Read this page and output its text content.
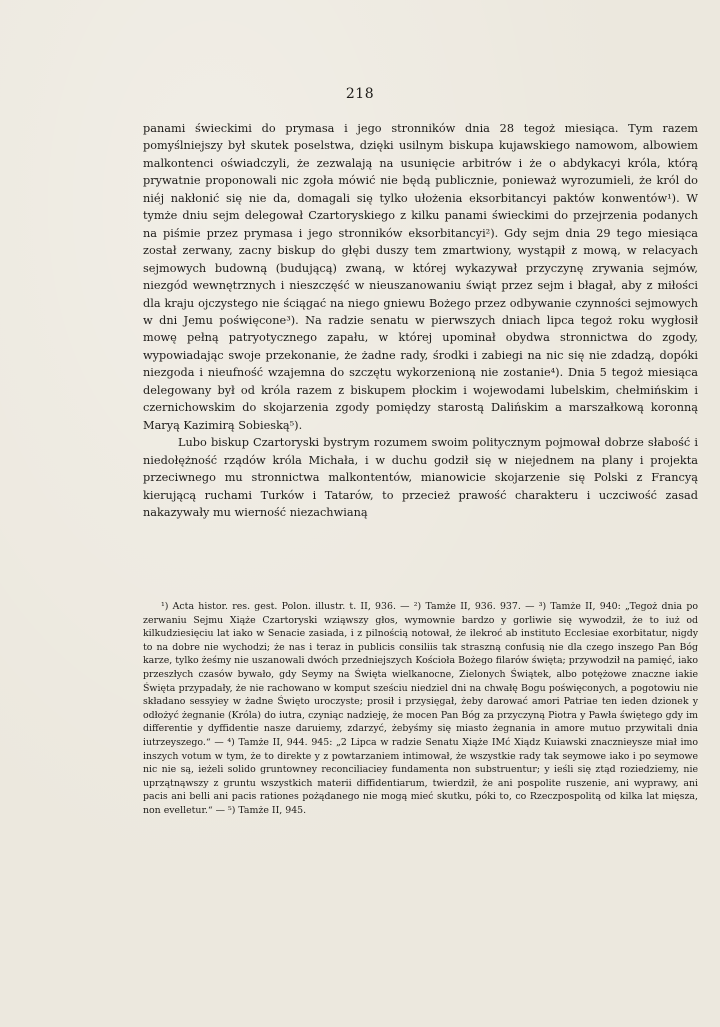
218

panami świeckimi do prymasa i jego stronników dnia 28 tegoż miesiąca. Tym razem pomyślniejszy był skutek poselstwa, dzięki usilnym biskupa kujawskiego namowom, albowiem malkontenci oświadczyli, że zezwalają na usunięcie arbitrów i że o abdykacyi króla, którą prywatnie proponowali nic zgoła mówić nie będą publicznie, ponieważ wyrozumieli, że król do niéj nakłonić się nie da, domagali się tylko ułożenia eksorbitancyi paktów konwentów¹). W tymże dniu sejm delegował Czartoryskiego z kilku panami świeckimi do przejrzenia podanych na piśmie przez prymasa i jego stronników eksorbitancyi²). Gdy sejm dnia 29 tego miesiąca został zerwany, zacny biskup do głębi duszy tem zmartwiony, wystąpił z mową, w relacyach sejmowych budowną (budującą) zwaną, w której wykazywał przyczynę zrywania sejmów, niezgód wewnętrznych i nieszczęść w nieuszanowaniu świąt przez sejm i błagał, aby z miłości dla kraju ojczystego nie ściągać na niego gniewu Bożego przez odbywanie czynności sejmowych w dni Jemu poświęcone³). Na radzie senatu w pierwszych dniach lipca tegoż roku wygłosił mowę pełną patryotycznego zapału, w której upominał obydwa stronnictwa do zgody, wypowiadając swoje przekonanie, że żadne rady, środki i zabiegi na nic się nie zdadzą, dopóki niezgoda i nieufność wzajemna do szczętu wykorzenioną nie zostanie⁴). Dnia 5 tegoż miesiąca delegowany był od króla razem z biskupem płockim i wojewodami lubelskim, chełmińskim i czernichowskim do skojarzenia zgody pomiędzy starostą Dalińskim a marszałkową koronną Maryą Kazimirą Sobieską⁵).

Lubo biskup Czartoryski bystrym rozumem swoim politycznym pojmował dobrze słabość i niedołężność rządów króla Michała, i w duchu godził się w niejednem na plany i projekta przeciwnego mu stronnictwa malkontentów, mianowicie skojarzenie się Polski z Francyą kierującą ruchami Turków i Tatarów, to przecież prawość charakteru i uczciwość zasad nakazywały mu wierność niezachwianą

¹) Acta histor. res. gest. Polon. illustr. t. II, 936. — ²) Tamże II, 936. 937. — ³) Tamże II, 940: „Tegoż dnia po zerwaniu Sejmu Xiąże Czartoryski wziąwszy głos, wymownie bardzo y gorliwie się wywodził, że to iuż od kilkudziesięciu lat iako w Senacie zasiada, i z pilnością notował, że ilekroć ab instituto Ecclesiae exorbitatur, nigdy to na dobre nie wychodzi; że nas i teraz in publicis consiliis tak straszną confusią nie dla czego inszego Pan Bóg karze, tylko żeśmy nie uszanowali dwóch przedniejszych Kościoła Bożego filarów święta; przywodził na pamięć, iako przeszłych czasów bywało, gdy Seymy na Święta wielkanocne, Zielonych Świątek, albo potężowe znaczne iakie Święta przypadały, że nie rachowano w komput sześciu niedziel dni na chwałę Bogu poświęconych, a pogotowiu nie składano sessyiey w żadne Święto uroczyste; prosił i przysięgał, żeby darować amori Patriae ten ieden dzionek y odłożyć żegnanie (Króla) do iutra, czyniąc nadzieję, że mocen Pan Bóg za przyczyną Piotra y Pawła świętego gdy im differentie y dyffidentie nasze daruiemy, zdarzyć, żebyśmy się miasto żegnania in amore mutuo przywitali dnia iutrzeyszego.“ — ⁴) Tamże II, 944. 945: „2 Lipca w radzie Senatu Xiąże IMć Xiądz Kuiawski znacznieysze miał imo inszych votum w tym, że to direkte y z powtarzaniem intimował, że wszystkie rady tak seymowe iako i po seymowe nic nie są, ieżeli solido gruntowney reconciliaciey fundamenta non substruentur; y ieśli się ztąd roziedziemy, nie uprzątnąwszy z gruntu wszystkich materii diffidentiarum, twierdził, że ani pospolite ruszenie, ani wyprawy, ani pacis ani belli ani pacis rationes pożądanego nie mogą mieć skutku, póki to, co Rzeczpospolitą od kilka lat mięsza, non evelletur.“ — ⁵) Tamże II, 945.
